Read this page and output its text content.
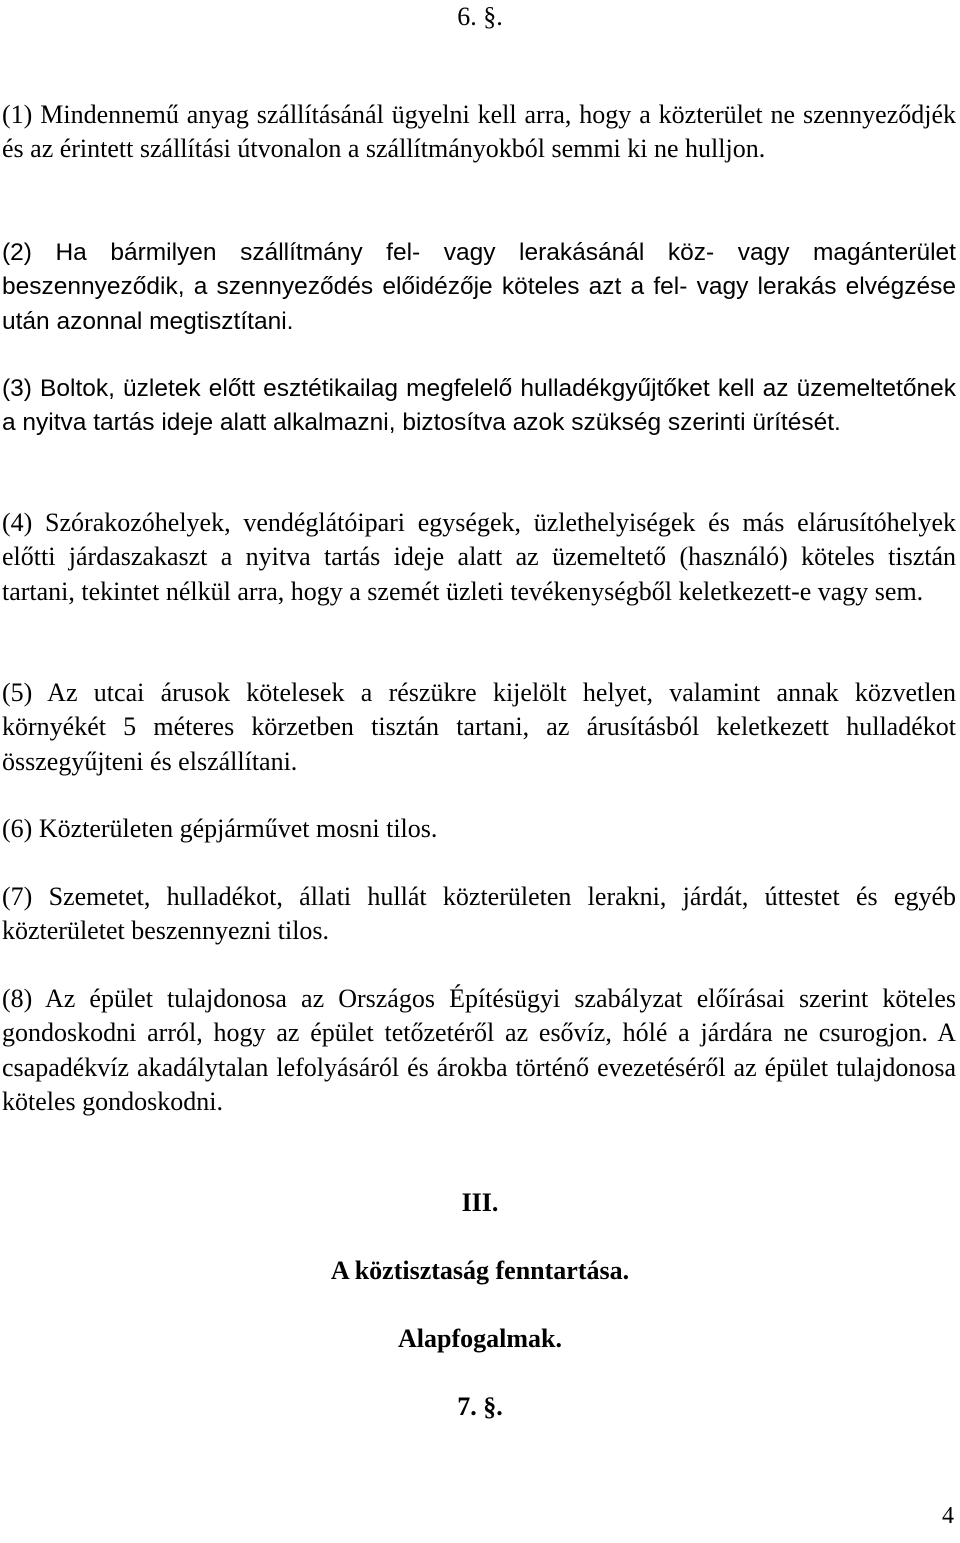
6. §.
(1) Mindennemű anyag szállításánál ügyelni kell arra, hogy a közterület ne szennyeződjék és az érintett szállítási útvonalon a szállítmányokból semmi ki ne hulljon.
(2) Ha bármilyen szállítmány fel- vagy lerakásánál köz- vagy magánterület beszennyeződik, a szennyeződés előidézője köteles azt a fel- vagy lerakás elvégzése után azonnal megtisztítani.
(3) Boltok, üzletek előtt esztétikailag megfelelő hulladékgyűjtőket kell az üzemeltetőnek a nyitva tartás ideje alatt alkalmazni, biztosítva azok szükség szerinti ürítését.
(4) Szórakozóhelyek, vendéglátóipari egységek, üzlethelyiségek és más elárusítóhelyek előtti járdaszakaszt a nyitva tartás ideje alatt az üzemeltető (használó) köteles tisztán tartani, tekintet nélkül arra, hogy a szemét üzleti tevékenységből keletkezett-e vagy sem.
(5) Az utcai árusok kötelesek a részükre kijelölt helyet, valamint annak közvetlen környékét 5 méteres körzetben tisztán tartani, az árusításból keletkezett hulladékot összegyűjteni és elszállítani.
(6) Közterületen gépjárművet mosni tilos.
(7) Szemetet, hulladékot, állati hullát közterületen lerakni, járdát, úttestet és egyéb közterületet beszennyezni tilos.
(8) Az épület tulajdonosa az Országos Építésügyi szabályzat előírásai szerint köteles gondoskodni arról, hogy az épület tetőzetéről az esővíz, hólé a járdára ne csurogjon. A csapadékvíz akadálytalan lefolyásáról és árokba történő evezetéséről az épület tulajdonosa köteles gondoskodni.
III.
A köztisztaság fenntartása.
Alapfogalmak.
7. §.
4
